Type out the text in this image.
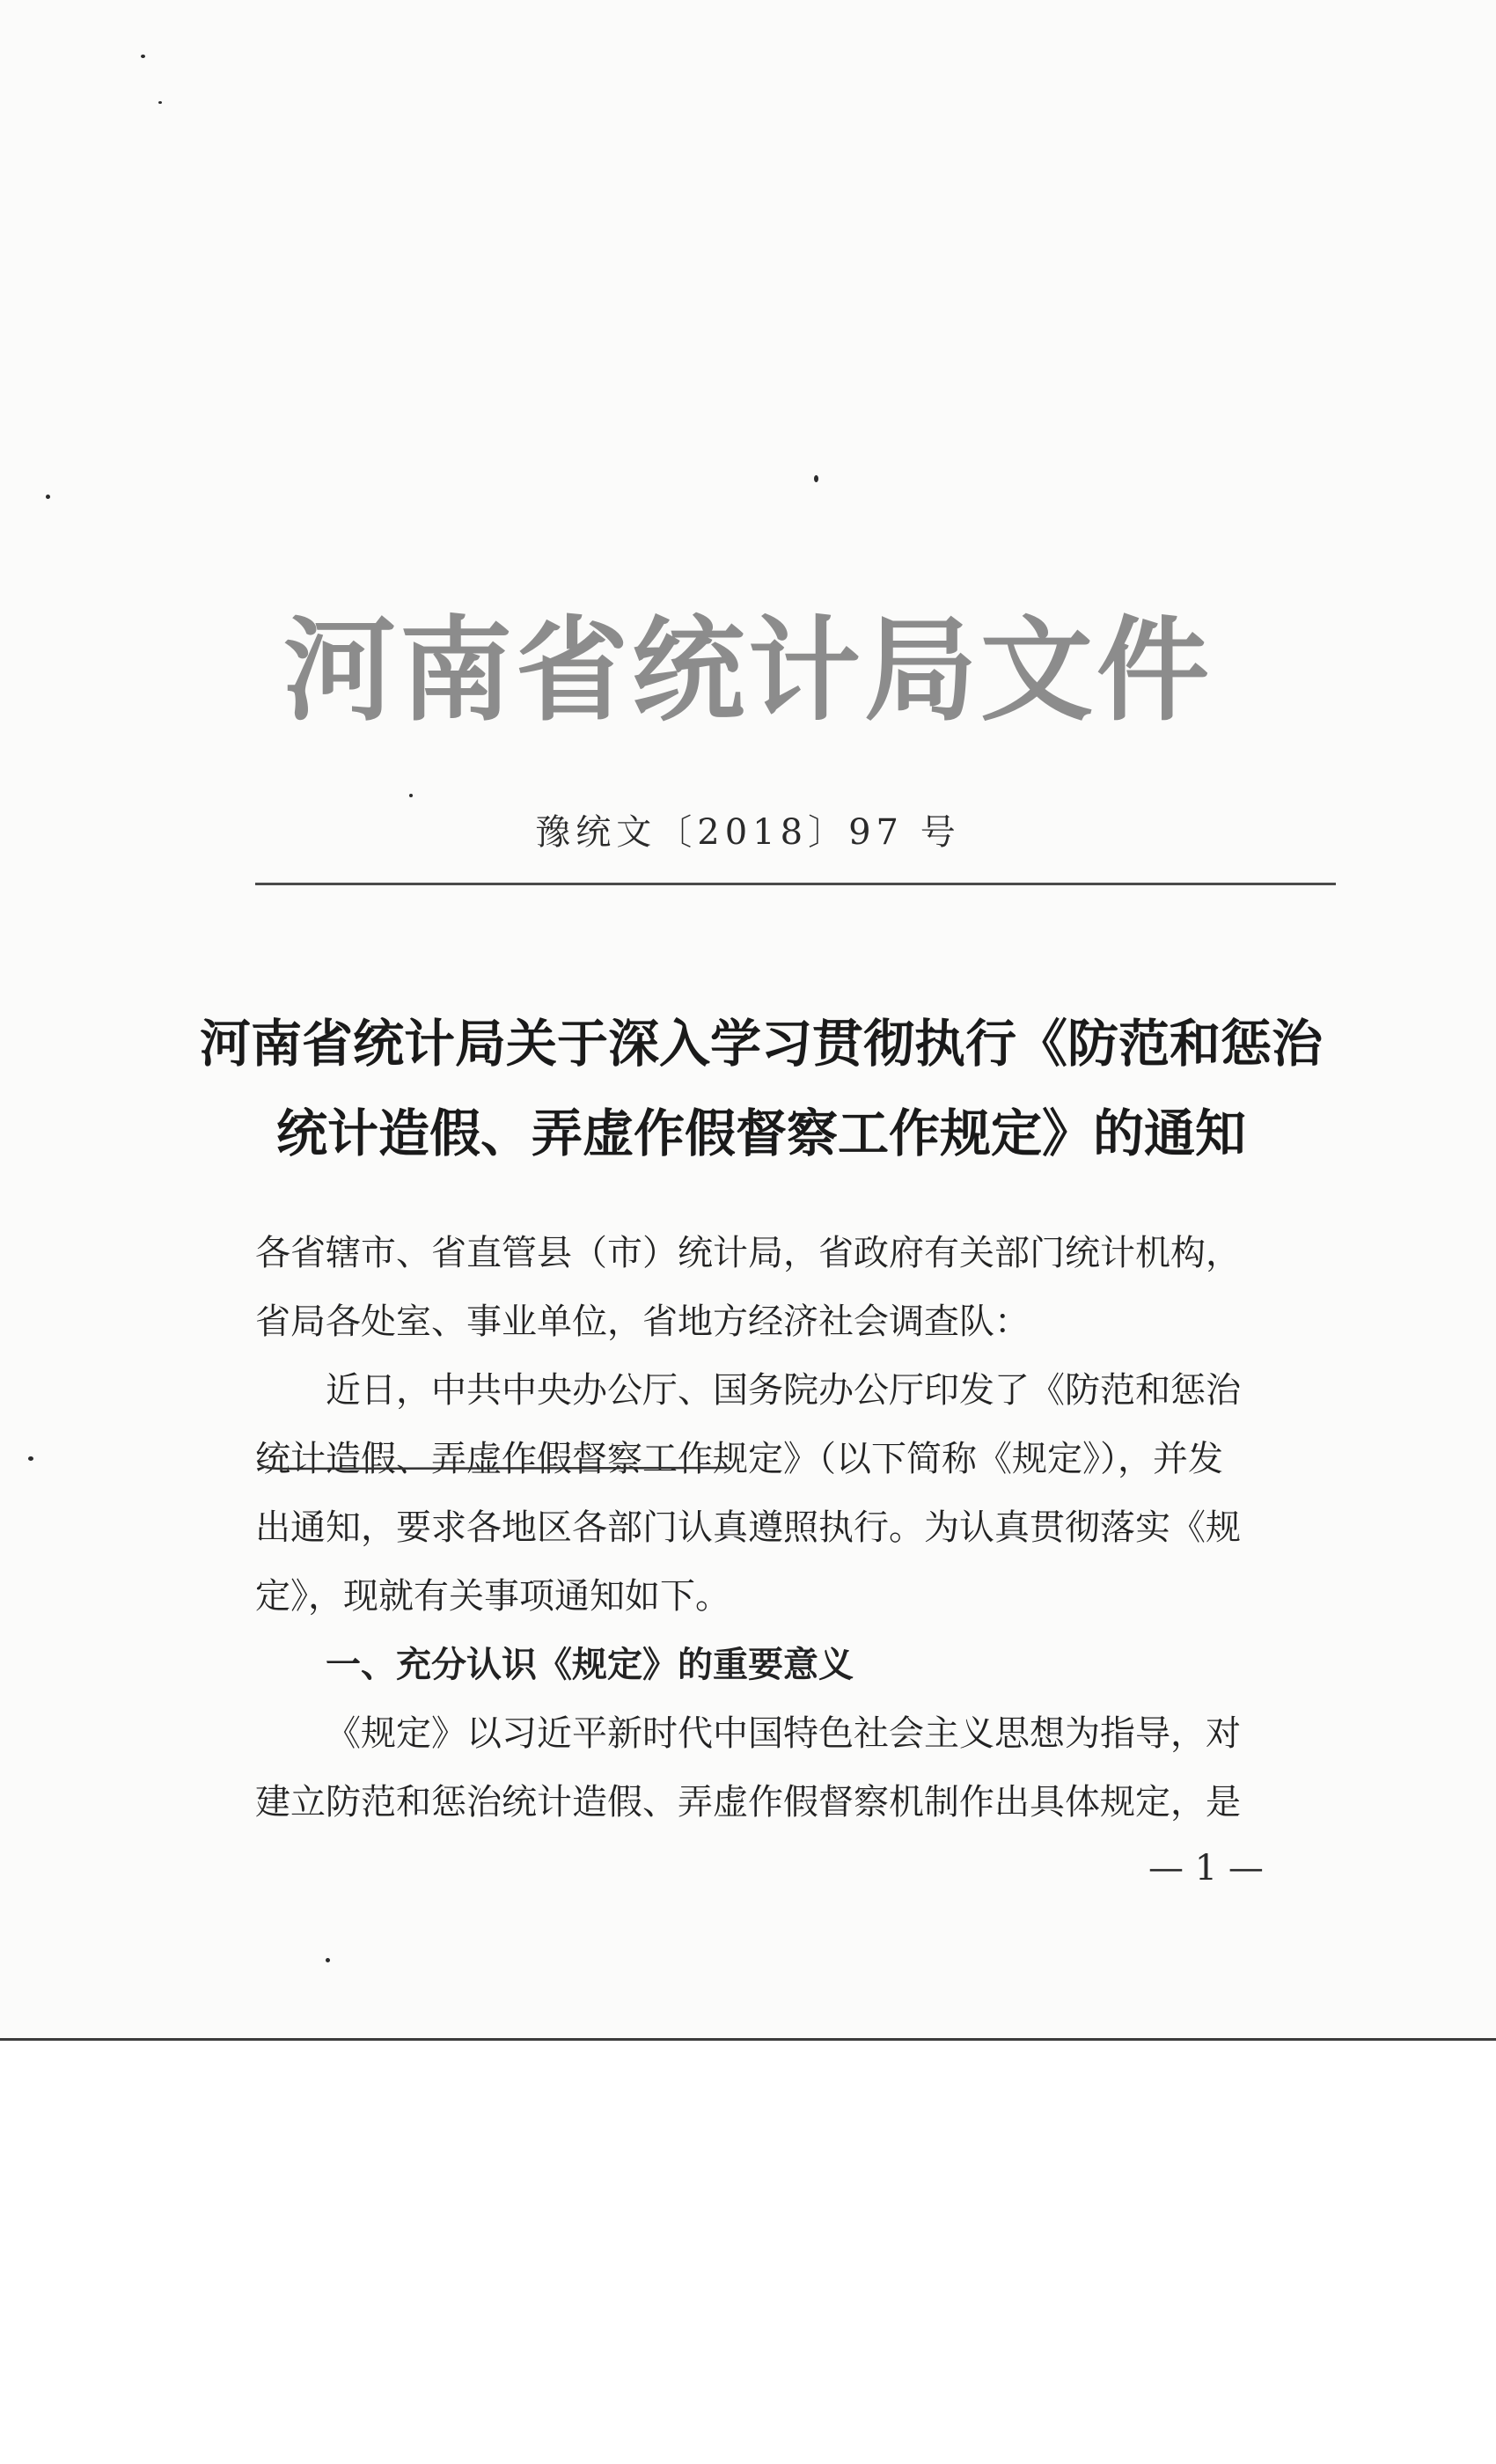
河南省统计局文件
豫统文〔2018〕97 号
河南省统计局关于深入学习贯彻执行《防范和惩治
统计造假、弄虚作假督察工作规定》的通知

各省辖市、省直管县（市）统计局，省政府有关部门统计机构，

省局各处室、事业单位，省地方经济社会调查队：

近日，中共中央办公厅、国务院办公厅印发了《防范和惩治

统计造假、弄虚作假督察工作规定》（以下简称《规定》），并发

出通知，要求各地区各部门认真遵照执行。为认真贯彻落实《规

定》，现就有关事项通知如下。

一、充分认识《规定》的重要意义

《规定》以习近平新时代中国特色社会主义思想为指导，对

建立防范和惩治统计造假、弄虚作假督察机制作出具体规定，是

— 1 —
